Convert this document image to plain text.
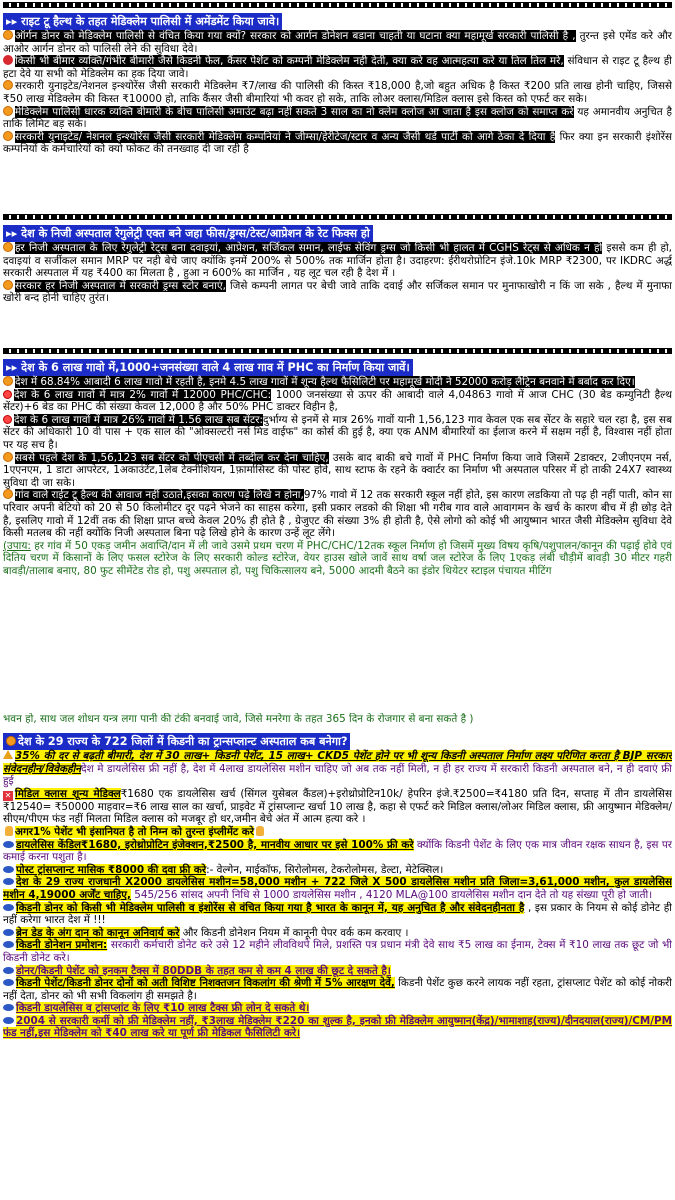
▸▸ राइट टू हैल्थ के तहत मेडिक्लेम पालिसी में अमेंडमेंट किया जावे।

ऑर्गन डोनर को मेडिक्लेम पालिसी से वंचित किया गया क्यों? सरकार को आर्गन डोनेशन बडाना चाहती या घटाना क्या महामूर्ख सरकारी पालिसी है , तुरन्त इसे एमेंड करे और आओर आर्गन डोनर को पालिसी लेने की सुविधा देवे।

किसी भी बीमार व्यक्ति/गंभीर बीमारी जैसे किडनी फेल, कैंसर पेशेंट को कम्पनी मेडिक्लेम नही देती, क्या करे वह आत्महत्या करे या तिल तिल मरे, संविधान से राइट टू हैल्थ ही हटा देवे या सभी को मेडिक्लेम का हक दिया जावे।

सरकारी युनाइटेड/नेशनल इन्श्योरेंस जैसी सरकारी मेडिक्लेम ₹7/लाख की पालिसी की किस्त ₹18,000 है,जो बहुत अधिक है किस्त ₹200 प्रति लाख होनी चाहिए, जिससे ₹50 लाख मेडिक्लेम की किस्त ₹10000 हो, ताकि कैंसर जैसी बीमारियां भी कवर हो सके, ताकि लोअर क्लास/मिडिल क्लास इसे किस्त को एफर्ट कर सके।

मेडिक्लेम पालिसी धारक व्यक्ति बीमारी के बीच पालिसी अमाउंट बढ़ा नहीं सकते 3 साल का नो क्लेम क्लोज आ जाता है इस क्लोज को समाप्त करे यह अमानवीय अनुचित है ताकि लिमिट बड़ सके।

सरकारी युनाइटेड/ नेशनल इन्श्योरेंस जैसी सरकारी मेडिक्लेम कम्पनियां ने जीम्सा/हेरीटेज/स्टार व अन्य जैसी थर्ड पार्टी को आगे ठेका दे दिया है फिर क्या इन सरकारी इंशोरेंस कम्पनियों के कर्मचारियों को क्यो फोकट की तनख्वाह दी जा रही है

▸▸ देश के निजी अस्पताल रेगुलेट्री एक्त बने जहा फीस/ड्रग्स/टेस्ट/आप्रेशन के रेट फिक्स हो

हर निजी अस्पताल के लिए रेगुलेट्री रेट्स बना दवाइयां, आप्रेशन, सर्जिकल समान, लाईफ सेविंग ड्रग्स जो किसी भी हालत में CGHS रेट्स से अधिक न हो इससे कम ही हो, दवाइयां व सर्जीकल समान MRP पर नही बेचे जाए क्योंकि इनमें 200% से 500% तक मार्जिन होता है। उदाहरण: ईरीथरोप्रोटिन इंजे.10k MRP ₹2300, पर IKDRC अर्द्ध सरकारी अस्पताल में यह ₹400 का मिलता है , हुआ न 600% का मार्जिन , यह लूट चल रही है देश में ।

सरकार हर निजी अस्पताल में सरकारी ड्रग्स स्टोर बनाएं, जिसे कम्पनी लागत पर बेची जावे ताकि दवाई और सर्जिकल समान पर मुनाफाखोरी न किं जा सके , हैल्थ में मुनाफा खोरी बन्द होनी चाहिए तुरंत।

▸▸ देश के 6 लाख गावो में,1000+जनसंख्या वाले 4 लाख गाव में PHC का निर्माण किया जावें।

देश में 68.84% आबादी 6 लाख गावो में रहती है, इनमे 4.5 लाख गावों में शून्य हैल्थ फैसिलिटी पर महामूर्ख मोदी ने 52000 करोड़ लैट्रिन बनवाने में बर्बाद कर दिए।

देश के 6 लाख गावों में मात्र 2% गावों में 12000 PHC/CHC: 1000 जनसंख्या से ऊपर की आबादी वाले 4,04863 गावो में आज CHC (30 बेड कम्युनिटी हैल्थ सेंटर)+6 बेड का PHC की संख्या केवल 12,000 है और 50% PHC डाक्टर विहीन है,

देश के 6 लाख गावों में मात्र 26% गावों में 1.56 लाख सब सेंटर:दुर्भाग्य से इनमें से मात्र 26% गावों यानी 1,56,123 गाव केवल एक सब सेंटर के सहारे चल रहा है, इस सब सेंटर की अधिकारी 10 वी पास + एक साल की "ओक्सल्टरी नर्स मिड वाईफ" का कोर्स की हुई है, क्या एक ANM बीमारियों का ईलाज करने में सक्षम नहीं है, विश्वास नहीं होता पर यह सच है।

सबसे पहले देश के 1,56,123 सब सेंटर को पीएचसी में तब्दील कर देना चाहिए, उसके बाद बाकी बचे गावों में PHC निर्माण किया जावे जिसमें 2डाक्टर, 2जीएनएम नर्स, 1एएनएम, 1 डाटा आपरेटर, 1अकाउंटेंट,1लेब टेक्नीशियन, 1फ़ार्मासिस्ट की पोस्ट होवे, साथ स्टाफ के रहने के क्वार्टर का निर्माण भी अस्पताल परिसर में हो ताकी 24X7 स्वास्थ्य सुविधा दी जा सके।

गांव वाले राईट टू हैल्थ की आवाज नहीं उठाते,इसका कारण पढ़े लिखे न होना,97% गावो में 12 तक सरकारी स्कूल नहीं होते, इस कारण लडकिया तो पढ़ ही नहीं पाती, कोन सा परिवार अपनी बेटियो को 20 से 50 किलोमीटर दूर पढ़ने भेजने का साहस करेगा, इसी प्रकार लडको की शिक्षा भी गरीब गाव वाले आवागमन के खर्च के कारण बीच में ही छोड़ देते है, इसलिए गावो में 12वीं तक की शिक्षा प्राप्त बच्चे केवल 20% ही होते है , ग्रेजुएट की संख्या 3% ही होती है, ऐसे लोगो को कोई भी आयुष्मान भारत जैसी मेडिक्लेम सुविधा देवे किसी मतलब की नहीं क्योंकि निजी अस्पताल बिना पढ़े लिखे होने के कारण उन्हें लूट लेंगे।

(उपाय: हर गांव में 50 एकड़ जमीन अवाप्ति/दान में ली जावे उसमे प्रथम चरण में PHC/CHC/12तक स्कूल निर्माण हो जिसमें मुख्य विषय कृषि/पशुपालन/कानून की पढ़ाई होवे एवं दितिय चरण में किसानों के लिए फसल स्टोरेज के लिए सरकारी कोल्ड स्टोरेज, वेयर हाउस खोले जावें साथ वर्षा जल स्टोरेज के लिए 1एकड़ लंबी चौड़ीमें बावड़ी 30 मीटर गहरी बावड़ी/तालाब बनाए, 80 फुट सीमेंटेड रोड हो, पशु अस्पताल हो, पशु चिकित्सालय बने, 5000 आदमी बैठने का इंडोर थियेटर स्टाइल पंचायत मीटिंग

भवन हो, साथ जल शोधन यन्त्र लगा पानी की टंकी बनवाई जावे, जिसे मनरेगा के तहत 365 दिन के रोजगार से बना सकते है )

देश के 29 राज्य के 722 जिलों में किडनी का ट्रान्सप्लान्ट अस्पताल कब बनेगा?

35% की दर से बढ़ती बीमारी, देश में 30 लाख+ किडनी पेशेंट, 15 लाख+ CKD5 पेशेंट होने पर भी शून्य किडनी अस्पताल निर्माण लक्ष्य परिणित करता है BJP सरकार संवेदनहीन/विवेकहीनदेश मे डायलेसिस फ्री नहीं है, देश में 4लाख डायलेसिस मशीन चाहिए जो अब तक नहीं मिली, न ही हर राज्य में सरकारी किडनी अस्पताल बने, न ही दवाएं फ्री हुई

✕ मिडिल क्लास शून्य मेडिक्ल₹1680 एक डायलेसिस खर्च (सिंगल युसेबल कैंडल)+इरोथ्रोप्रोटिन10k/ हेपरिन इंजे.₹2500=₹4180 प्रति दिन, सप्ताह में तीन डायलेसिस ₹12540= ₹50000 माहवार=₹6 लाख साल का खर्चा, प्राइवेट में ट्रांसप्लान्ट खर्चा 10 लाख है, कहा से एफर्ट करे मिडिल क्लास/लोअर मिडिल क्लास, फ्री आयुष्मान मेडिक्लेम/सीएम/पीएम फंड नहीं मिलता मिडिल क्लास को मजबूर हो धर,जमीन बेचे अंत में आत्म हत्या करे ।

अगर1% पेशेंट भी इंसानियत है तो निम्न को तुरन्त इंप्लीमेंट करे

डायलेसिस केंडिल₹1680, इरोथ्रोप्रोटिन इंजेक्शन,₹2500 है, मानवीय आधार पर इसे 100% फ्री करे क्योंकि किडनी पेशेंट के लिए एक मात्र जीवन रक्षक साधन है, इस पर कमाई करना पशुता है।

पोस्ट ट्रांसप्लान्ट मासिक ₹8000 की दवा फ्री करे:- वेल्गेन, माईकॉफ, सिरोलोमस, टेकरोलोमस, डेल्टा, मेटेक्सिल।

देश के 29 राज्य राजधानी X2000 डायलेसिस मशीन=58,000 मशीन + 722 जिले X 500 डायलेसिस मशीन प्रति जिला=3,61,000 मशीन, कुल डायलेसिस मशीन 4,19000 अर्जेंट चाहिए, 545/256 सांसद अपनी निधि से 1000 डायलेसिस मशीन , 4120 MLA@100 डायलेसिस मशीन दान देते तो यह संख्या पूरी हो जाती।

किडनी डोनर को किसी भी मेडिक्लेम पालिसी व इंशोरेंस से वंचित किया गया है भारत के कानून में, यह अनुचित है और संवेदनहीनता है , इस प्रकार के नियम से कोई डोनेट ही नहीं करेगा भारत देश में !!!

ब्रेन डेड के अंग दान को कानून अनिवार्य करे और किडनी डोनेशन नियम में कानूनी पेपर वर्क कम करवाए ।

किडनी डोनेशन प्रमोशन: सरकारी कर्मचारी डोनेट करे उसे 12 महीने लीवविथपे मिले, प्रशस्ति पत्र प्रधान मंत्री देवे साथ ₹5 लाख का ईनाम, टेक्स में ₹10 लाख तक छूट जो भी किडनी डोनेट करे।

डोनर/किडनी पेशेंट को इनकम टैक्स में 80DDB के तहत कम से कम 4 लाख की छूट दे सकते है।

किडनी पेशेंट/किडनी डोनर दोनों को अती विशिष्ट निशक्तजन विकलांग की श्रेणी में 5% आरक्षण देवें, किडनी पेशेंट कुछ करने लायक नहीं रहता, ट्रांसप्लाट पेशेंट को कोई नोकरी नहीं देता, डोनर को भी सभी विकलांग ही समझते है।

किडनी डायलेसिस व ट्रांसप्लांट के लिए ₹10 लाख टैक्स फ्री लोन दे सकते थे।

2004 से सरकारी कर्मी को फ्री मेडिक्लेम नहीं, ₹3लाख मेडिक्लेम ₹220 का शुल्क है, इनको फ्री मेडिक्लेम आयुष्मान(केंद्र)/भामाशाह(राज्य)/दीनदयाल(राज्य)/CM/PM फंड नहीं,इस मेडिक्लेम को ₹40 लाख करे या पूर्ण फ्री मेडिकल फैसिलिटी करे।
